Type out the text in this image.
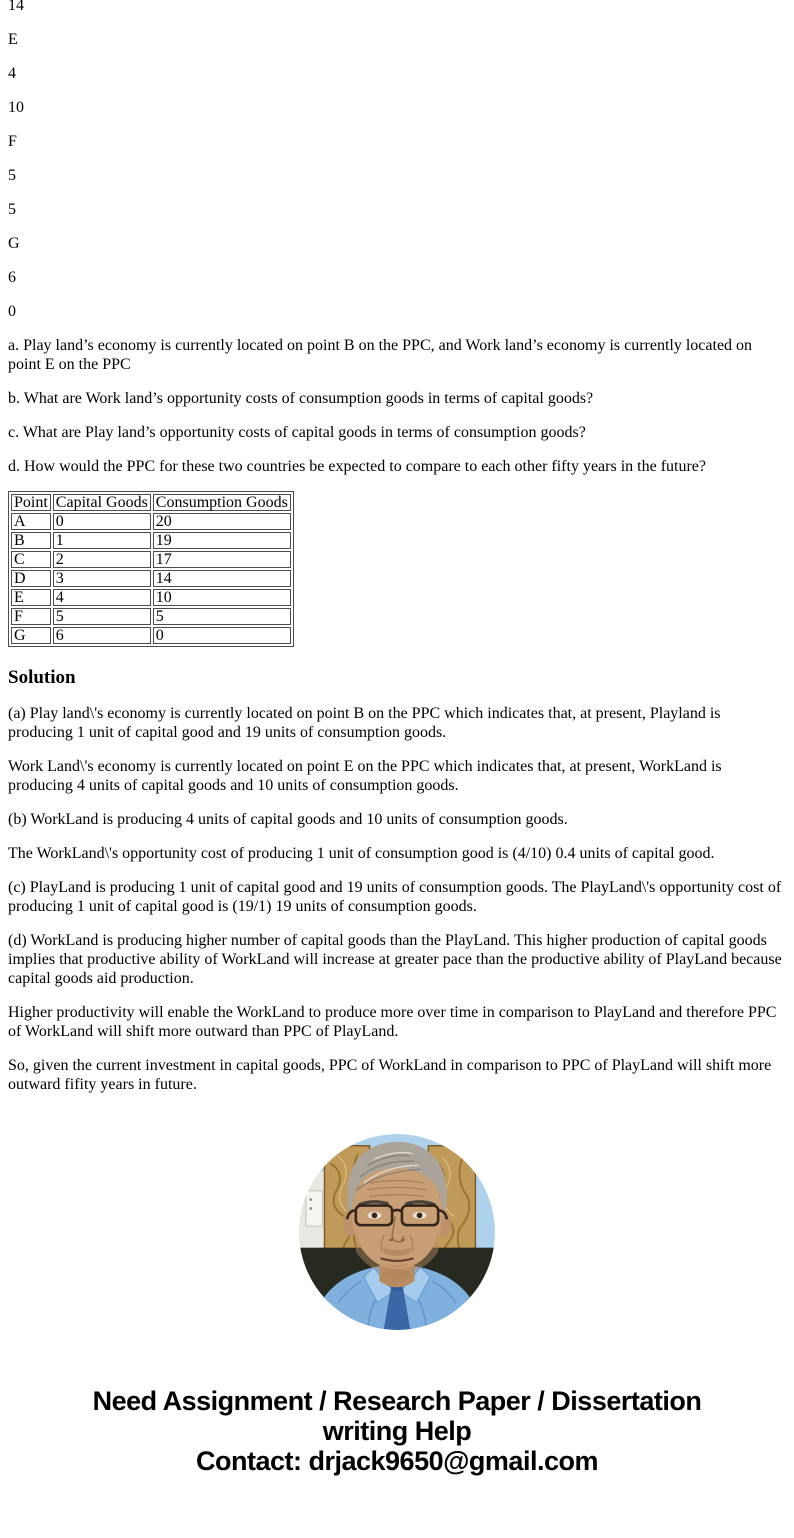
14

E

4

10

F

5

5

G

6

0

a. Play land’s economy is currently located on point B on the PPC, and Work land’s economy is currently located on point E on the PPC

b. What are Work land’s opportunity costs of consumption goods in terms of capital goods?

c. What are Play land’s opportunity costs of capital goods in terms of consumption goods?

d. How would the PPC for these two countries be expected to compare to each other fifty years in the future?

Point	Capital Goods	Consumption Goods
A	0	20
B	1	19
C	2	17
D	3	14
E	4	10
F	5	5
G	6	0
Solution

(a) Play land\'s economy is currently located on point B on the PPC which indicates that, at present, Playland is producing 1 unit of capital good and 19 units of consumption goods.

Work Land\'s economy is currently located on point E on the PPC which indicates that, at present, WorkLand is producing 4 units of capital goods and 10 units of consumption goods.

(b) WorkLand is producing 4 units of capital goods and 10 units of consumption goods.

The WorkLand\'s opportunity cost of producing 1 unit of consumption good is (4/10) 0.4 units of capital good.

(c) PlayLand is producing 1 unit of capital good and 19 units of consumption goods. The PlayLand\'s opportunity cost of producing 1 unit of capital good is (19/1) 19 units of consumption goods.

(d) WorkLand is producing higher number of capital goods than the PlayLand. This higher production of capital goods implies that productive ability of WorkLand will increase at greater pace than the productive ability of PlayLand because capital goods aid production.

Higher productivity will enable the WorkLand to produce more over time in comparison to PlayLand and therefore PPC of WorkLand will shift more outward than PPC of PlayLand.

So, given the current investment in capital goods, PPC of WorkLand in comparison to PPC of PlayLand will shift more outward fifity years in future.

Need Assignment / Research Paper / Dissertation
writing Help
Contact: drjack9650@gmail.com
